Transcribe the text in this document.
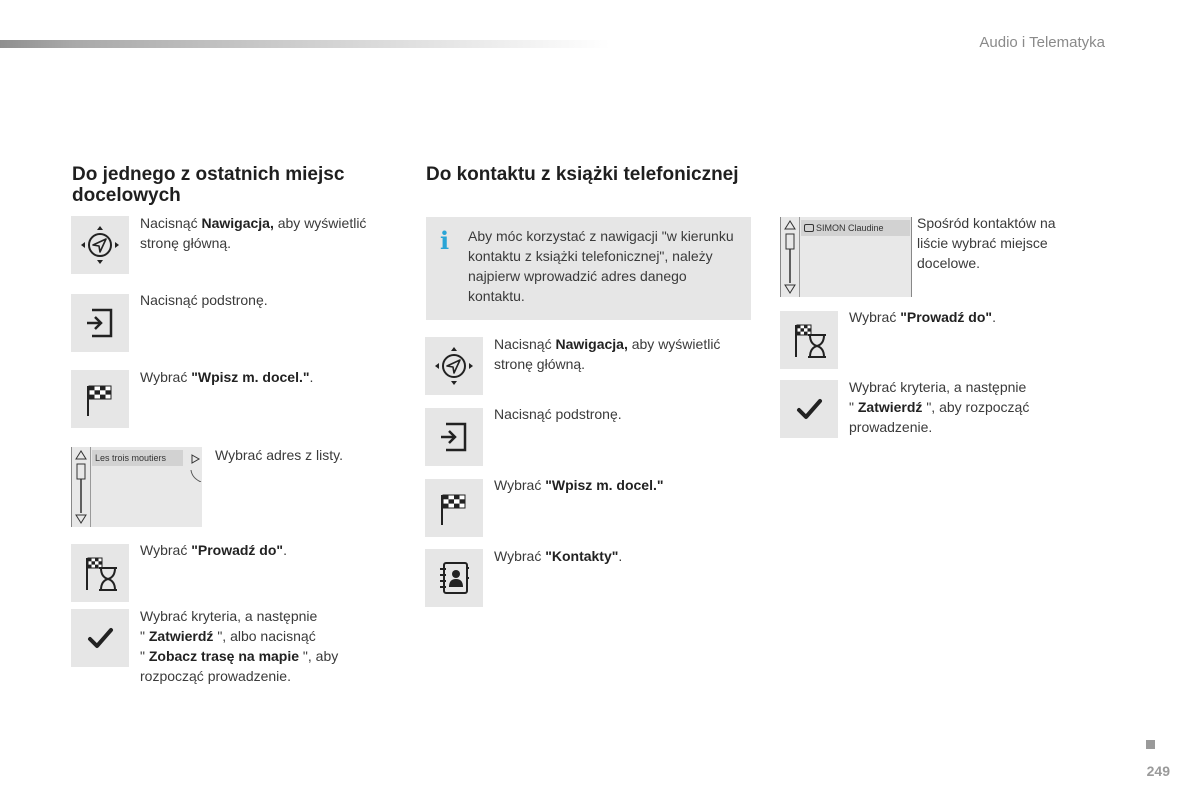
Audio i Telematyka
Do jednego z ostatnich miejsc docelowych
Do kontaktu z książki telefonicznej
Nacisnąć Nawigacja, aby wyświetlić stronę główną.
Nacisnąć podstronę.
Wybrać "Wpisz m. docel.".
Les trois moutiers	Wybrać adres z listy.
Wybrać "Prowadź do".
Wybrać kryteria, a następnie
" Zatwierdź ", albo nacisnąć
" Zobacz trasę na mapie ", aby
rozpocząć prowadzenie.
i	Aby móc korzystać z nawigacji "w kierunku kontaktu z książki telefonicznej", należy najpierw wprowadzić adres danego kontaktu.
Nacisnąć Nawigacja, aby wyświetlić stronę główną.
Nacisnąć podstronę.
Wybrać "Wpisz m. docel."
Wybrać "Kontakty".
SIMON Claudine	Spośród kontaktów na liście wybrać miejsce docelowe.
Wybrać "Prowadź do".
Wybrać kryteria, a następnie
" Zatwierdź ", aby rozpocząć
prowadzenie.
249
